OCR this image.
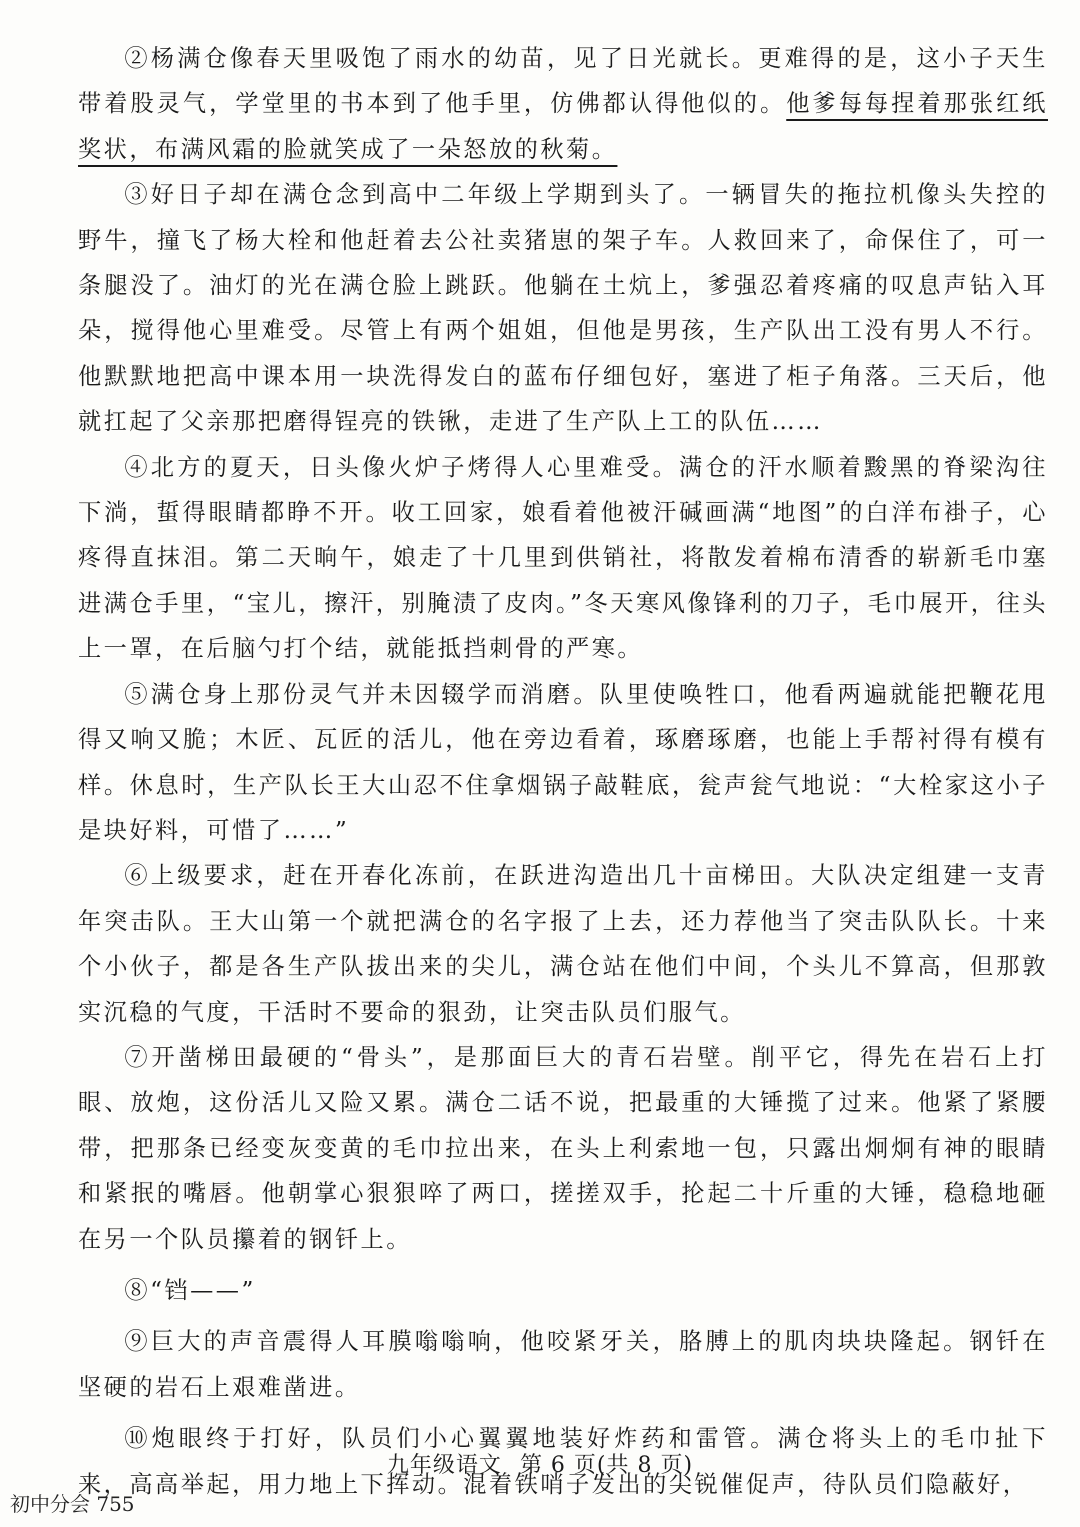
②杨满仓像春天里吸饱了雨水的幼苗，见了日光就长。更难得的是，这小子天生带着股灵气，学堂里的书本到了他手里，仿佛都认得他似的。他爹每每捏着那张红纸奖状，布满风霜的脸就笑成了一朵怒放的秋菊。

③好日子却在满仓念到高中二年级上学期到头了。一辆冒失的拖拉机像头失控的野牛，撞飞了杨大栓和他赶着去公社卖猪崽的架子车。人救回来了，命保住了，可一条腿没了。油灯的光在满仓脸上跳跃。他躺在土炕上，爹强忍着疼痛的叹息声钻入耳朵，搅得他心里难受。尽管上有两个姐姐，但他是男孩，生产队出工没有男人不行。他默默地把高中课本用一块洗得发白的蓝布仔细包好，塞进了柜子角落。三天后，他就扛起了父亲那把磨得锃亮的铁锹，走进了生产队上工的队伍……

④北方的夏天，日头像火炉子烤得人心里难受。满仓的汗水顺着黢黑的脊梁沟往下淌，蜇得眼睛都睁不开。收工回家，娘看着他被汗碱画满“地图”的白洋布褂子，心疼得直抹泪。第二天晌午，娘走了十几里到供销社，将散发着棉布清香的崭新毛巾塞进满仓手里，“宝儿，擦汗，别腌渍了皮肉。”冬天寒风像锋利的刀子，毛巾展开，往头上一罩，在后脑勺打个结，就能抵挡刺骨的严寒。

⑤满仓身上那份灵气并未因辍学而消磨。队里使唤牲口，他看两遍就能把鞭花甩得又响又脆；木匠、瓦匠的活儿，他在旁边看着，琢磨琢磨，也能上手帮衬得有模有样。休息时，生产队长王大山忍不住拿烟锅子敲鞋底，瓮声瓮气地说：“大栓家这小子是块好料，可惜了……”

⑥上级要求，赶在开春化冻前，在跃进沟造出几十亩梯田。大队决定组建一支青年突击队。王大山第一个就把满仓的名字报了上去，还力荐他当了突击队队长。十来个小伙子，都是各生产队拔出来的尖儿，满仓站在他们中间，个头儿不算高，但那敦实沉稳的气度，干活时不要命的狠劲，让突击队员们服气。

⑦开凿梯田最硬的“骨头”，是那面巨大的青石岩壁。削平它，得先在岩石上打眼、放炮，这份活儿又险又累。满仓二话不说，把最重的大锤揽了过来。他紧了紧腰带，把那条已经变灰变黄的毛巾拉出来，在头上利索地一包，只露出炯炯有神的眼睛和紧抿的嘴唇。他朝掌心狠狠啐了两口，搓搓双手，抡起二十斤重的大锤，稳稳地砸在另一个队员攥着的钢钎上。

⑧“铛——”

⑨巨大的声音震得人耳膜嗡嗡响，他咬紧牙关，胳膊上的肌肉块块隆起。钢钎在坚硬的岩石上艰难凿进。

⑩炮眼终于打好，队员们小心翼翼地装好炸药和雷管。满仓将头上的毛巾扯下来，高高举起，用力地上下挥动。混着铁哨子发出的尖锐催促声，待队员们隐蔽好，

九年级语文 第 6 页(共 8 页)
初中分会 755
